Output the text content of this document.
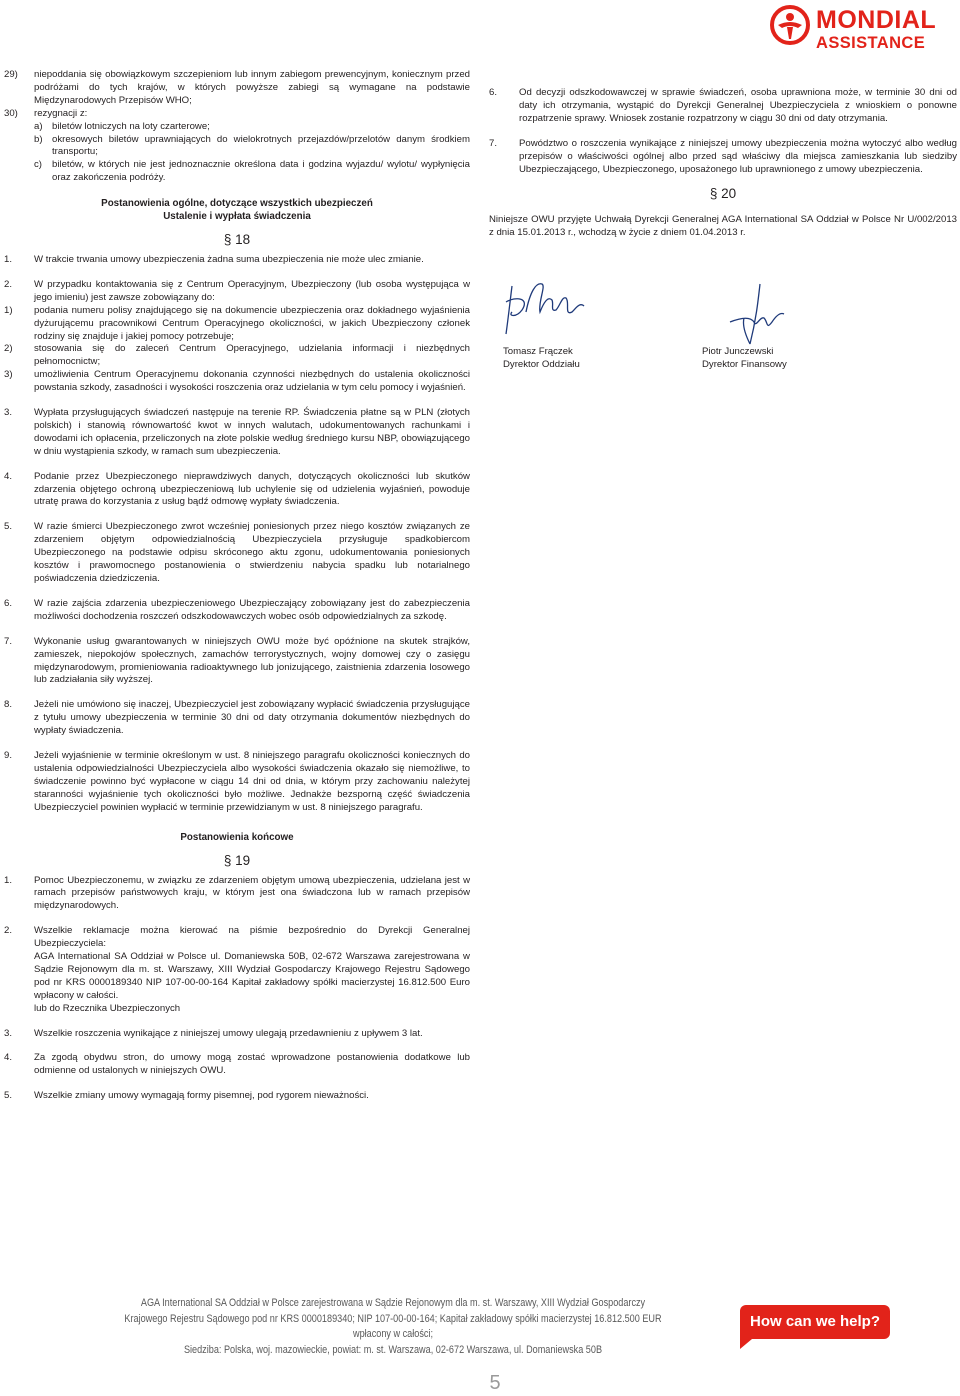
MONDIAL
ASSISTANCE
29) niepoddania się obowiązkowym szczepieniom lub innym zabiegom prewencyjnym, koniecznym przed podróżami do tych krajów, w których powyższe zabiegi są wymagane na podstawie Międzynarodowych Przepisów WHO;
30) rezygnacji z:
a) biletów lotniczych na loty czarterowe;
b) okresowych biletów uprawniających do wielokrotnych przejazdów/przelotów danym środkiem transportu;
c) biletów, w których nie jest jednoznacznie określona data i godzina wyjazdu/ wylotu/ wypłynięcia oraz zakończenia podróży.
Postanowienia ogólne, dotyczące wszystkich ubezpieczeń
Ustalenie i wypłata świadczenia
§ 18
1. W trakcie trwania umowy ubezpieczenia żadna suma ubezpieczenia nie może ulec zmianie.
2. W przypadku kontaktowania się z Centrum Operacyjnym, Ubezpieczony (lub osoba występująca w jego imieniu) jest zawsze zobowiązany do:
1) podania numeru polisy znajdującego się na dokumencie ubezpieczenia oraz dokładnego wyjaśnienia dyżurującemu pracownikowi Centrum Operacyjnego okoliczności, w jakich Ubezpieczony członek rodziny się znajduje i jakiej pomocy potrzebuje;
2) stosowania się do zaleceń Centrum Operacyjnego, udzielania informacji i niezbędnych pełnomocnictw;
3) umożliwienia Centrum Operacyjnemu dokonania czynności niezbędnych do ustalenia okoliczności powstania szkody, zasadności i wysokości roszczenia oraz udzielania w tym celu pomocy i wyjaśnień.
3. Wypłata przysługujących świadczeń następuje na terenie RP. Świadczenia płatne są w PLN (złotych polskich) i stanowią równowartość kwot w innych walutach, udokumentowanych rachunkami i dowodami ich opłacenia, przeliczonych na złote polskie według średniego kursu NBP, obowiązującego w dniu wystąpienia szkody, w ramach sum ubezpieczenia.
4. Podanie przez Ubezpieczonego nieprawdziwych danych, dotyczących okoliczności lub skutków zdarzenia objętego ochroną ubezpieczeniową lub uchylenie się od udzielenia wyjaśnień, powoduje utratę prawa do korzystania z usług bądź odmowę wypłaty świadczenia.
5. W razie śmierci Ubezpieczonego zwrot wcześniej poniesionych przez niego kosztów związanych ze zdarzeniem objętym odpowiedzialnością Ubezpieczyciela przysługuje spadkobiercom Ubezpieczonego na podstawie odpisu skróconego aktu zgonu, udokumentowania poniesionych kosztów i prawomocnego postanowienia o stwierdzeniu nabycia spadku lub notarialnego poświadczenia dziedziczenia.
6. W razie zajścia zdarzenia ubezpieczeniowego Ubezpieczający zobowiązany jest do zabezpieczenia możliwości dochodzenia roszczeń odszkodowawczych wobec osób odpowiedzialnych za szkodę.
7. Wykonanie usług gwarantowanych w niniejszych OWU może być opóźnione na skutek strajków, zamieszek, niepokojów społecznych, zamachów terrorystycznych, wojny domowej czy o zasięgu międzynarodowym, promieniowania radioaktywnego lub jonizującego, zaistnienia zdarzenia losowego lub zadziałania siły wyższej.
8. Jeżeli nie umówiono się inaczej, Ubezpieczyciel jest zobowiązany wypłacić świadczenia przysługujące z tytułu umowy ubezpieczenia w terminie 30 dni od daty otrzymania dokumentów niezbędnych do wypłaty świadczenia.
9. Jeżeli wyjaśnienie w terminie określonym w ust. 8 niniejszego paragrafu okoliczności koniecznych do ustalenia odpowiedzialności Ubezpieczyciela albo wysokości świadczenia okazało się niemożliwe, to świadczenie powinno być wypłacone w ciągu 14 dni od dnia, w którym przy zachowaniu należytej staranności wyjaśnienie tych okoliczności było możliwe. Jednakże bezsporną część świadczenia Ubezpieczyciel powinien wypłacić w terminie przewidzianym w ust. 8 niniejszego paragrafu.
Postanowienia końcowe
§ 19
1. Pomoc Ubezpieczonemu, w związku ze zdarzeniem objętym umową ubezpieczenia, udzielana jest w ramach przepisów państwowych kraju, w którym jest ona świadczona lub w ramach przepisów międzynarodowych.
2. Wszelkie reklamacje można kierować na piśmie bezpośrednio do Dyrekcji Generalnej Ubezpieczyciela:
AGA International SA Oddział w Polsce ul. Domaniewska 50B, 02-672 Warszawa zarejestrowana w Sądzie Rejonowym dla m. st. Warszawy, XIII Wydział Gospodarczy Krajowego Rejestru Sądowego pod nr KRS 0000189340 NIP 107-00-00-164 Kapitał zakładowy spółki macierzystej 16.812.500 Euro wpłacony w całości.
lub do Rzecznika Ubezpieczonych
3. Wszelkie roszczenia wynikające z niniejszej umowy ulegają przedawnieniu z upływem 3 lat.
4. Za zgodą obydwu stron, do umowy mogą zostać wprowadzone postanowienia dodatkowe lub odmienne od ustalonych w niniejszych OWU.
5. Wszelkie zmiany umowy wymagają formy pisemnej, pod rygorem nieważności.
6. Od decyzji odszkodowawczej w sprawie świadczeń, osoba uprawniona może, w terminie 30 dni od daty ich otrzymania, wystąpić do Dyrekcji Generalnej Ubezpieczyciela z wnioskiem o ponowne rozpatrzenie sprawy. Wniosek zostanie rozpatrzony w ciągu 30 dni od daty otrzymania.
7. Powództwo o roszczenia wynikające z niniejszej umowy ubezpieczenia można wytoczyć albo według przepisów o właściwości ogólnej albo przed sąd właściwy dla miejsca zamieszkania lub siedziby Ubezpieczającego, Ubezpieczonego, uposażonego lub uprawnionego z umowy ubezpieczenia.
§ 20
Niniejsze OWU przyjęte Uchwałą Dyrekcji Generalnej AGA International SA Oddział w Polsce Nr U/002/2013 z dnia 15.01.2013 r., wchodzą w życie z dniem 01.04.2013 r.
Tomasz Frączek
Dyrektor Oddziału
Piotr Junczewski
Dyrektor Finansowy
AGA International SA Oddział w Polsce zarejestrowana w Sądzie Rejonowym dla m. st. Warszawy, XIII Wydział Gospodarczy
Krajowego Rejestru Sądowego pod nr KRS 0000189340; NIP 107-00-00-164; Kapitał zakładowy spółki macierzystej 16.812.500 EUR wpłacony w całości;
Siedziba: Polska, woj. mazowieckie, powiat: m. st. Warszawa, 02-672 Warszawa, ul. Domaniewska 50B
How can we help?
5
